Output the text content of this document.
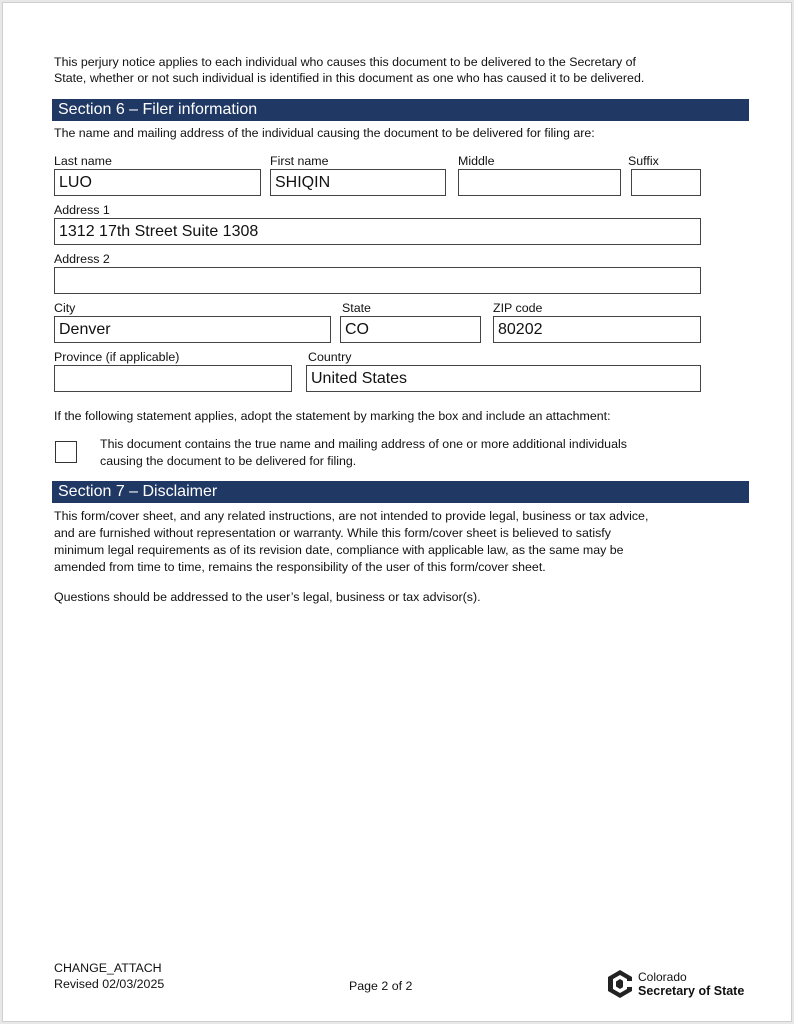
This perjury notice applies to each individual who causes this document to be delivered to the Secretary of
State, whether or not such individual is identified in this document as one who has caused it to be delivered.
Section 6 – Filer information
The name and mailing address of the individual causing the document to be delivered for filing are:
Last name
LUO
First name
SHIQIN
Middle	Suffix
Address 1
1312 17th Street Suite 1308
Address 2
City
Denver
State
CO
ZIP code
80202
Province (if applicable)	Country
United States
If the following statement applies, adopt the statement by marking the box and include an attachment:
This document contains the true name and mailing address of one or more additional individuals
causing the document to be delivered for filing.
Section 7 – Disclaimer
This form/cover sheet, and any related instructions, are not intended to provide legal, business or tax advice,
and are furnished without representation or warranty. While this form/cover sheet is believed to satisfy
minimum legal requirements as of its revision date, compliance with applicable law, as the same may be
amended from time to time, remains the responsibility of the user of this form/cover sheet.
Questions should be addressed to the user’s legal, business or tax advisor(s).
CHANGE_ATTACH
Revised 02/03/2025	Page 2 of 2
Colorado
Secretary of State
